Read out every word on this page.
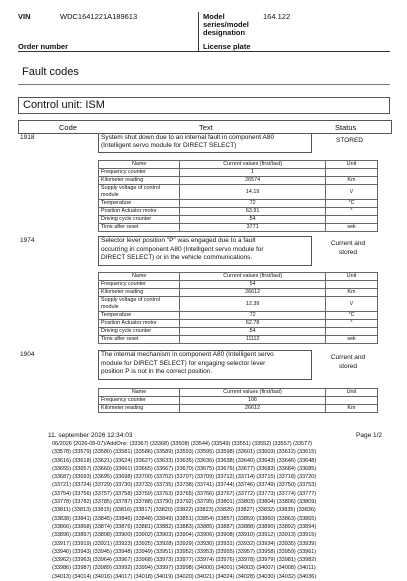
VIN	WDC1641221A189613
Order number
Model
series/model
designation
164.122
License plate
Fault codes
Control unit: ISM
Code	Text	Status
1918	System shut down due to an internal fault in component A80
(Intelligent servo module for DIRECT SELECT)
STORED
Name	Current values (first/last)	Unit
Frequency counter	1	
Kilometer reading	26574	Km
Supply voltage of control module	14.19	V
Temperature	72	°C
Position Actuator motor	63.91	°
Driving cycle counter	54	
Time after reset	3771	sek
1974	Selector lever position "P" was engaged due to a fault
occurring in component A80 (Intelligent servo module for
DIRECT SELECT) or in the vehicle communications.
Current and
stored
Name	Current values (first/last)	Unit
Frequency counter	54	
Kilometer reading	26612	Km
Supply voltage of control module	12.39	V
Temperature	72	°C
Position Actuator motor	62.78	°
Driving cycle counter	54	
Time after reset	11112	sek
1904	The internal mechanism in component A80 (Intelligent servo
module for DIRECT SELECT) for engaging selector lever
position P is not in the correct position.
Current and
stored
Name	Current values (first/last)	Unit
Frequency counter	106	
Kilometer reading	26612	Km
11. september 2026 12:34:03	Page 1/2
06/2026 (2026-05-07)/AddOns: (33367) (33368) (33508) (33544) (33549) (33551) (33552) (33557) (33577)
(33578) (33579) (33580) (33581) (33586) (33589) (33593) (33595) (33598) (33601) (33603) (33612) (33615)
(33616) (33618) (33621) (33624) (33627) (33633) (33635) (33636) (33638) (33640) (33643) (33646) (33648)
(33655) (33657) (33660) (33661) (33665) (33667) (33670) (33675) (33676) (33677) (33683) (33684) (33685)
(33687) (33693) (33695) (33698) (33700) (33702) (33707) (33709) (33712) (33714) (33715) (33718) (33720)
(33721) (33724) (33729) (33730) (33733) (33735) (33738) (33741) (33744) (33746) (33749) (33750) (33753)
(33754) (33756) (33757) (33758) (33759) (33763) (33765) (33766) (33767) (33772) (33773) (33774) (33777)
(33778) (33782) (33785) (33787) (33788) (33790) (33792) (33795) (33801) (33803) (33804) (33806) (33809)
(33811) (33813) (33815) (33816) (33817) (33820) (33822) (33823) (33825) (33827) (33832) (33835) (33836)
(33838) (33841) (33845) (33846) (33848) (33849) (33851) (33854) (33857) (33859) (33860) (33863) (33865)
(33866) (33868) (33874) (33876) (33881) (33882) (33883) (33885) (33887) (33888) (33890) (33892) (33894)
(33896) (33897) (33898) (33900) (33902) (33903) (33904) (33906) (33908) (33910) (33912) (33913) (33915)
(33917) (33919) (33921) (33923) (33925) (33928) (33929) (33930) (33931) (33932) (33934) (33935) (33939)
(33940) (33943) (33945) (33948) (33949) (33951) (33952) (33953) (33955) (33957) (33958) (33959) (33961)
(33962) (33963) (33964) (33967) (33968) (33973) (33977) (33974) (33976) (33978) (33979) (33981) (33982)
(33986) (33987) (33989) (33992) (33994) (33997) (33998) (34000) (34001) (34003) (34007) (34008) (34011)
(34013) (34014) (34016) (34017) (34018) (34019) (34020) (34021) (34024) (34028) (34030) (34032) (34036)
